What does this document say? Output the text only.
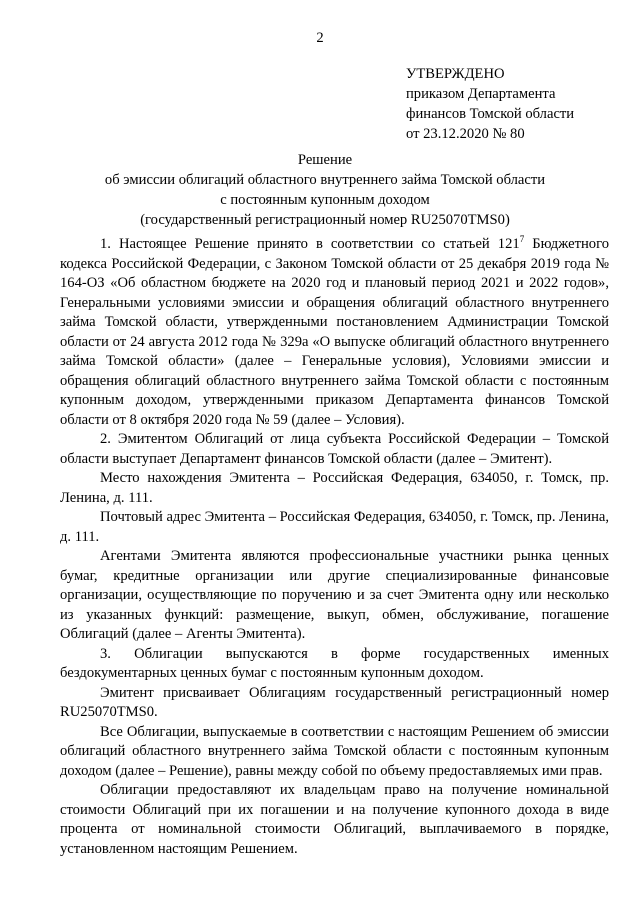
2
УТВЕРЖДЕНО
приказом Департамента
финансов Томской области
от 23.12.2020 № 80
Решение
об эмиссии облигаций областного внутреннего займа Томской области
с постоянным купонным доходом
(государственный регистрационный номер RU25070TMS0)

1. Настоящее Решение принято в соответствии со статьей $121^7$ Бюджетного кодекса Российской Федерации, с Законом Томской области от 25 декабря 2019 года № 164-ОЗ «Об областном бюджете на 2020 год и плановый период 2021 и 2022 годов», Генеральными условиями эмиссии и обращения облигаций областного внутреннего займа Томской области, утвержденными постановлением Администрации Томской области от 24 августа 2012 года № 329а «О выпуске облигаций областного внутреннего займа Томской области» (далее – Генеральные условия), Условиями эмиссии и обращения облигаций областного внутреннего займа Томской области с постоянным купонным доходом, утвержденными приказом Департамента финансов Томской области от 8 октября 2020 года № 59 (далее – Условия).

2. Эмитентом Облигаций от лица субъекта Российской Федерации – Томской области выступает Департамент финансов Томской области (далее – Эмитент).

Место нахождения Эмитента – Российская Федерация, 634050, г. Томск, пр. Ленина, д. 111.

Почтовый адрес Эмитента – Российская Федерация, 634050, г. Томск, пр. Ленина, д. 111.

Агентами Эмитента являются профессиональные участники рынка ценных бумаг, кредитные организации или другие специализированные финансовые организации, осуществляющие по поручению и за счет Эмитента одну или несколько из указанных функций: размещение, выкуп, обмен, обслуживание, погашение Облигаций (далее – Агенты Эмитента).

3. Облигации выпускаются в форме государственных именных бездокументарных ценных бумаг с постоянным купонным доходом.

Эмитент присваивает Облигациям государственный регистрационный номер RU25070TMS0.

Все Облигации, выпускаемые в соответствии с настоящим Решением об эмиссии облигаций областного внутреннего займа Томской области с постоянным купонным доходом (далее – Решение), равны между собой по объему предоставляемых ими прав.

Облигации предоставляют их владельцам право на получение номинальной стоимости Облигаций при их погашении и на получение купонного дохода в виде процента от номинальной стоимости Облигаций, выплачиваемого в порядке, установленном настоящим Решением.
